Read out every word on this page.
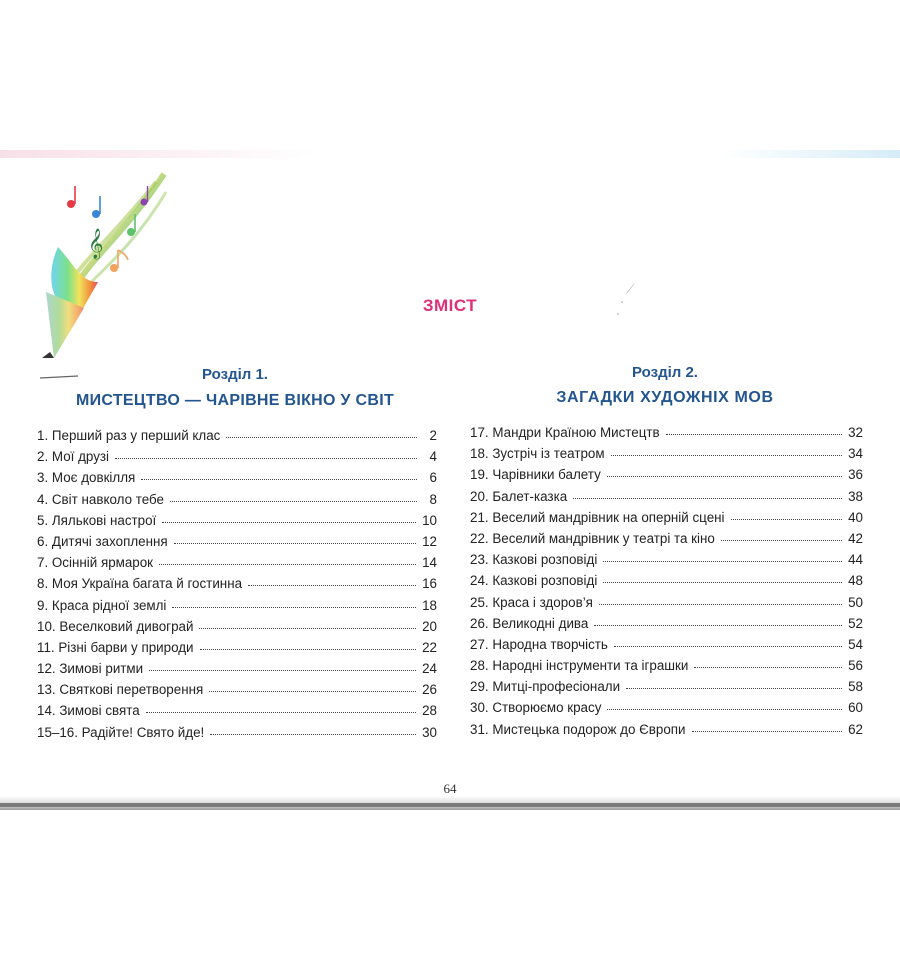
𝄞
ЗМІСТ
Розділ 1.
МИСТЕЦТВО — ЧАРІВНЕ ВІКНО У СВІТ
Розділ 2.
ЗАГАДКИ ХУДОЖНІХ МОВ
1. Перший раз у перший клас	2
2. Мої друзі	4
3. Моє довкілля	6
4. Світ навколо тебе	8
5. Лялькові настрої	10
6. Дитячі захоплення	12
7. Осінній ярмарок	14
8. Моя Україна багата й гостинна	16
9. Краса рідної землі	18
10. Веселковий дивограй	20
11. Різні барви у природи	22
12. Зимові ритми	24
13. Святкові перетворення	26
14. Зимові свята	28
15–16. Радійте! Свято йде!	30
17. Мандри Країною Мистецтв	32
18. Зустріч із театром	34
19. Чарівники балету	36
20. Балет-казка	38
21. Веселий мандрівник на оперній сцені	40
22. Веселий мандрівник у театрі та кіно	42
23. Казкові розповіді	44
24. Казкові розповіді	48
25. Краса і здоров’я	50
26. Великодні дива	52
27. Народна творчість	54
28. Народні інструменти та іграшки	56
29. Митці-професіонали	58
30. Створюємо красу	60
31. Мистецька подорож до Європи	62
64
